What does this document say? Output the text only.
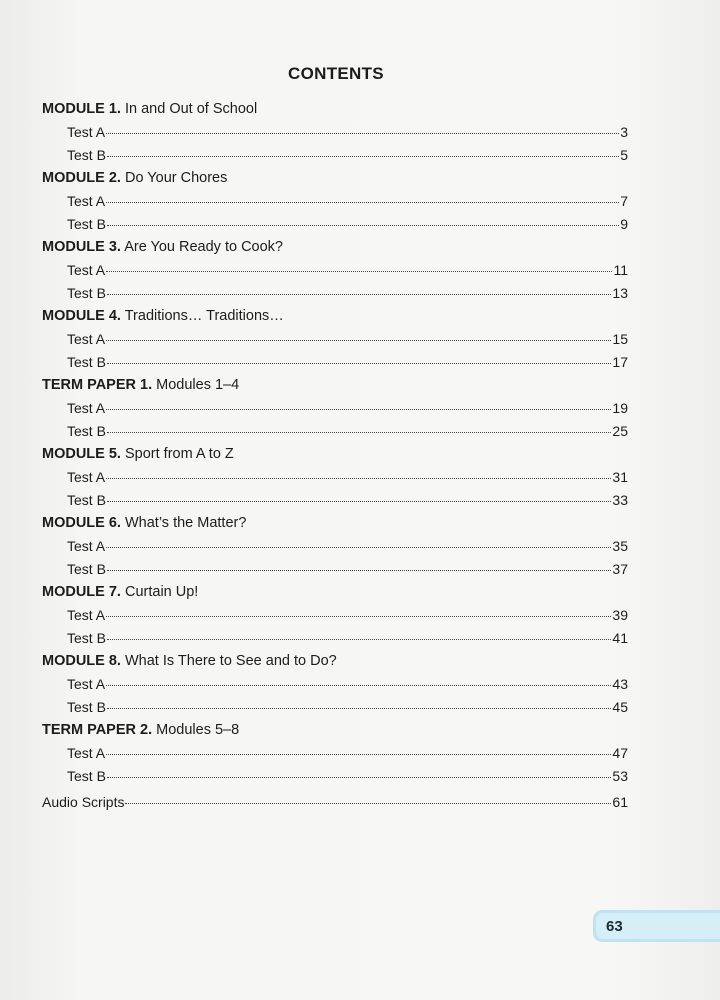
CONTENTS
MODULE 1. In and Out of School
Test A	3
Test B	5
MODULE 2. Do Your Chores
Test A	7
Test B	9
MODULE 3. Are You Ready to Cook?
Test A	11
Test B	13
MODULE 4. Traditions… Traditions…
Test A	15
Test B	17
TERM PAPER 1. Modules 1–4
Test A	19
Test B	25
MODULE 5. Sport from A to Z
Test A	31
Test B	33
MODULE 6. What’s the Matter?
Test A	35
Test B	37
MODULE 7. Curtain Up!
Test A	39
Test B	41
MODULE 8. What Is There to See and to Do?
Test A	43
Test B	45
TERM PAPER 2. Modules 5–8
Test A	47
Test B	53
Audio Scripts	61
63
